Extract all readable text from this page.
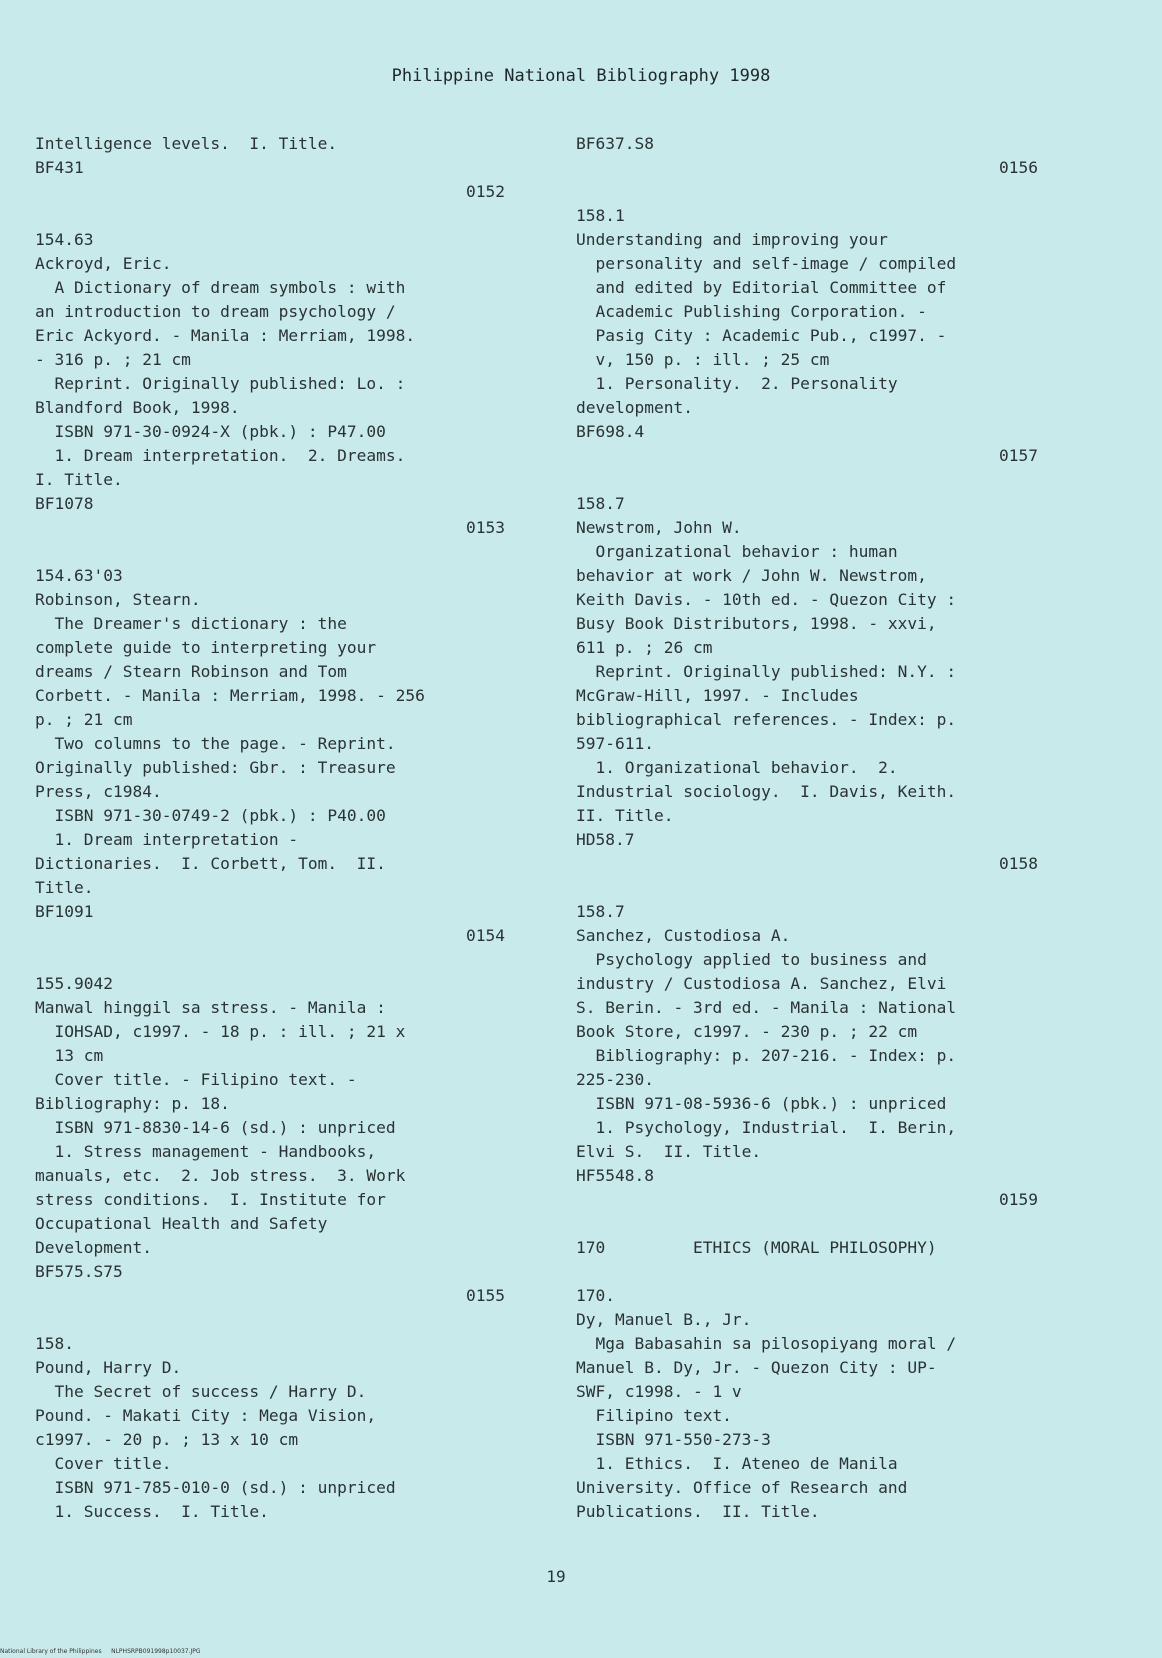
Philippine National Bibliography 1998
Intelligence levels.  I. Title.
BF431
0152
154.63
Ackroyd, Eric.
A Dictionary of dream symbols : with
an introduction to dream psychology /
Eric Ackyord. - Manila : Merriam, 1998.
- 316 p. ; 21 cm
Reprint. Originally published: Lo. :
Blandford Book, 1998.
ISBN 971-30-0924-X (pbk.) : P47.00
1. Dream interpretation.  2. Dreams.
I. Title.
BF1078
0153
154.63'03
Robinson, Stearn.
The Dreamer's dictionary : the
complete guide to interpreting your
dreams / Stearn Robinson and Tom
Corbett. - Manila : Merriam, 1998. - 256
p. ; 21 cm
Two columns to the page. - Reprint.
Originally published: Gbr. : Treasure
Press, c1984.
ISBN 971-30-0749-2 (pbk.) : P40.00
1. Dream interpretation -
Dictionaries.  I. Corbett, Tom.  II.
Title.
BF1091
0154
155.9042
Manwal hinggil sa stress. - Manila :
IOHSAD, c1997. - 18 p. : ill. ; 21 x
13 cm
Cover title. - Filipino text. -
Bibliography: p. 18.
ISBN 971-8830-14-6 (sd.) : unpriced
1. Stress management - Handbooks,
manuals, etc.  2. Job stress.  3. Work
stress conditions.  I. Institute for
Occupational Health and Safety
Development.
BF575.S75
0155
158.
Pound, Harry D.
The Secret of success / Harry D.
Pound. - Makati City : Mega Vision,
c1997. - 20 p. ; 13 x 10 cm
Cover title.
ISBN 971-785-010-0 (sd.) : unpriced
1. Success.  I. Title.
BF637.S8
0156
158.1
Understanding and improving your
personality and self-image / compiled
and edited by Editorial Committee of
Academic Publishing Corporation. -
Pasig City : Academic Pub., c1997. -
v, 150 p. : ill. ; 25 cm
1. Personality.  2. Personality
development.
BF698.4
0157
158.7
Newstrom, John W.
Organizational behavior : human
behavior at work / John W. Newstrom,
Keith Davis. - 10th ed. - Quezon City :
Busy Book Distributors, 1998. - xxvi,
611 p. ; 26 cm
Reprint. Originally published: N.Y. :
McGraw-Hill, 1997. - Includes
bibliographical references. - Index: p.
597-611.
1. Organizational behavior.  2.
Industrial sociology.  I. Davis, Keith.
II. Title.
HD58.7
0158
158.7
Sanchez, Custodiosa A.
Psychology applied to business and
industry / Custodiosa A. Sanchez, Elvi
S. Berin. - 3rd ed. - Manila : National
Book Store, c1997. - 230 p. ; 22 cm
Bibliography: p. 207-216. - Index: p.
225-230.
ISBN 971-08-5936-6 (pbk.) : unpriced
1. Psychology, Industrial.  I. Berin,
Elvi S.  II. Title.
HF5548.8
0159
170         ETHICS (MORAL PHILOSOPHY)
170.
Dy, Manuel B., Jr.
Mga Babasahin sa pilosopiyang moral /
Manuel B. Dy, Jr. - Quezon City : UP-
SWF, c1998. - 1 v
Filipino text.
ISBN 971-550-273-3
1. Ethics.  I. Ateneo de Manila
University. Office of Research and
Publications.  II. Title.
19
National Library of the Philippines     NLPHSRPB091998p10037.JPG
